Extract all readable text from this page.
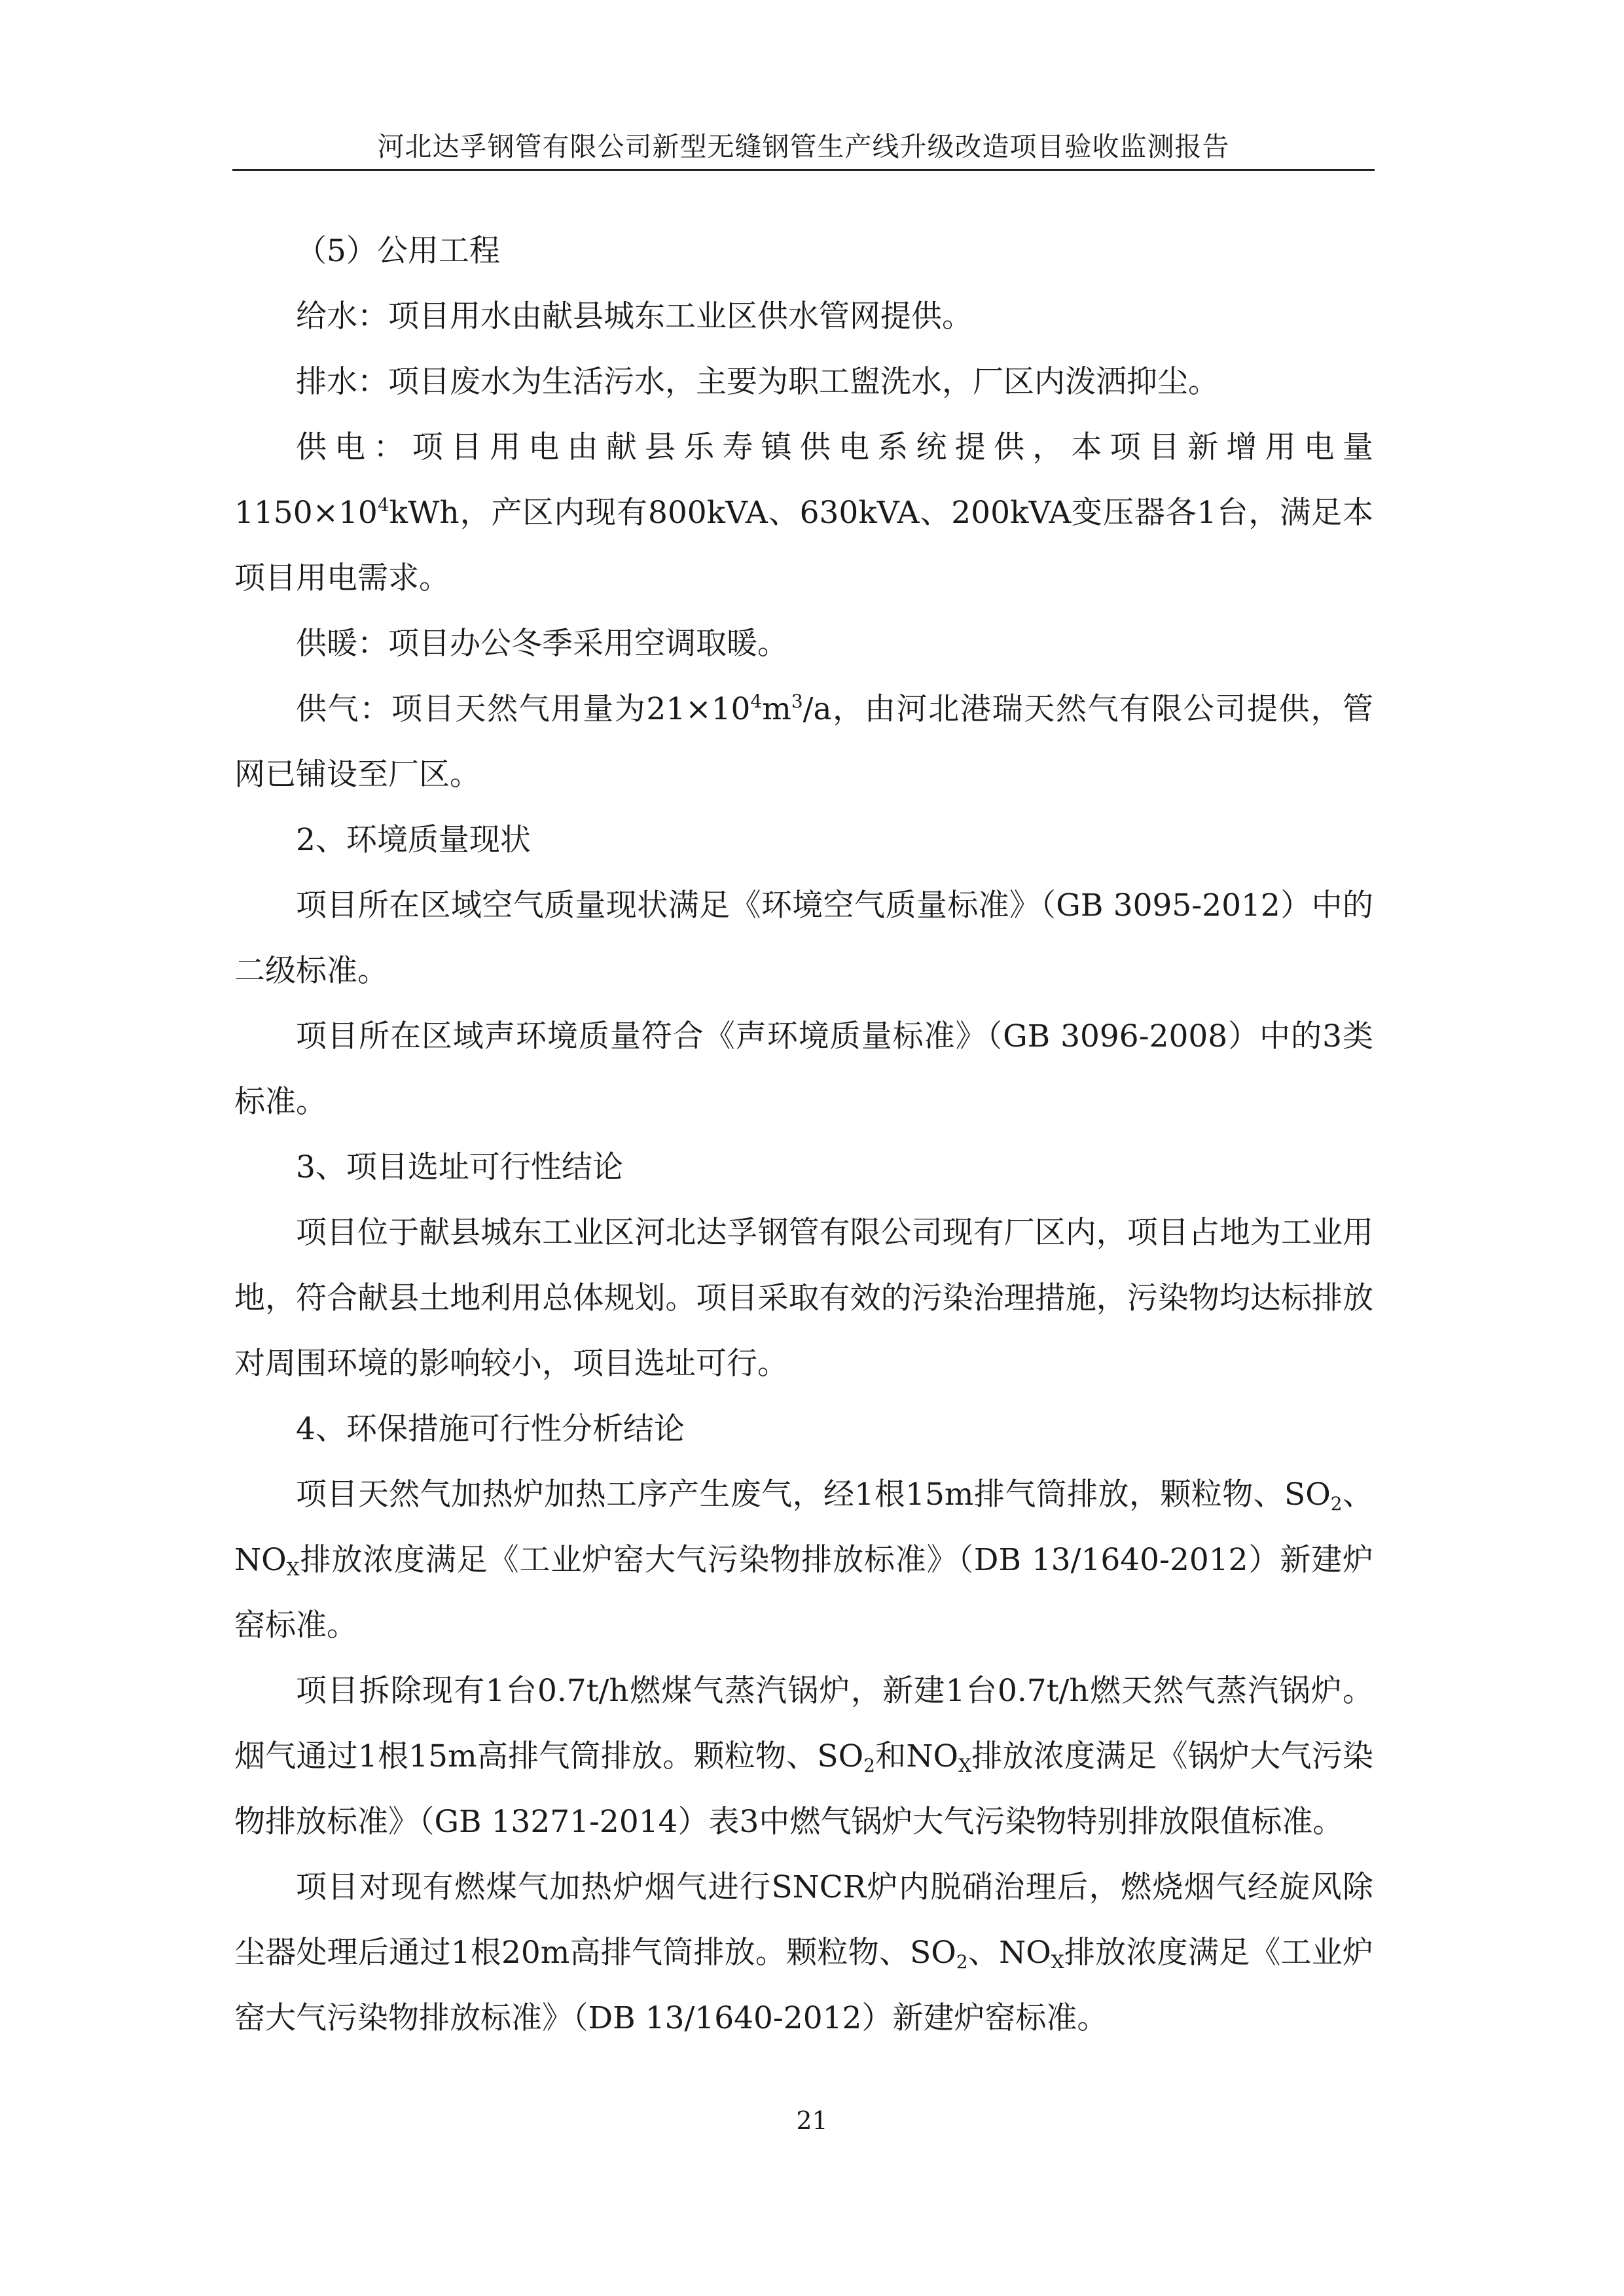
河北达孚钢管有限公司新型无缝钢管生产线升级改造项目验收监测报告

（5）公用工程

给水：项目用水由献县城东工业区供水管网提供。

排水：项目废水为生活污水，主要为职工盥洗水，厂区内泼洒抑尘。

供电：项目用电由献县乐寿镇供电系统提供，本项目新增用电量$1150\times 10^4kWh$，产区内现有800kVA、630kVA、200kVA变压器各1台，满足本项目用电需求。

供暖：项目办公冬季采用空调取暖。

供气：项目天然气用量为$21\times 10^4m^3/a$，由河北港瑞天然气有限公司提供，管网已铺设至厂区。

2、环境质量现状

项目所在区域空气质量现状满足《环境空气质量标准》（GB 3095-2012）中的二级标准。

项目所在区域声环境质量符合《声环境质量标准》（GB 3096-2008）中的3类标准。

3、项目选址可行性结论

项目位于献县城东工业区河北达孚钢管有限公司现有厂区内，项目占地为工业用地，符合献县土地利用总体规划。项目采取有效的污染治理措施，污染物均达标排放对周围环境的影响较小，项目选址可行。

4、环保措施可行性分析结论

项目天然气加热炉加热工序产生废气，经1根15m排气筒排放，颗粒物、$SO_2$、$NO_X$排放浓度满足《工业炉窑大气污染物排放标准》（DB 13/1640-2012）新建炉窑标准。

项目拆除现有1台0.7t/h燃煤气蒸汽锅炉，新建1台0.7t/h燃天然气蒸汽锅炉。烟气通过1根15m高排气筒排放。颗粒物、$SO_2$和$NO_X$排放浓度满足《锅炉大气污染物排放标准》（GB 13271-2014）表3中燃气锅炉大气污染物特别排放限值标准。

项目对现有燃煤气加热炉烟气进行SNCR炉内脱硝治理后，燃烧烟气经旋风除尘器处理后通过1根20m高排气筒排放。颗粒物、$SO_2$、$NO_X$排放浓度满足《工业炉窑大气污染物排放标准》（DB 13/1640-2012）新建炉窑标准。

21
